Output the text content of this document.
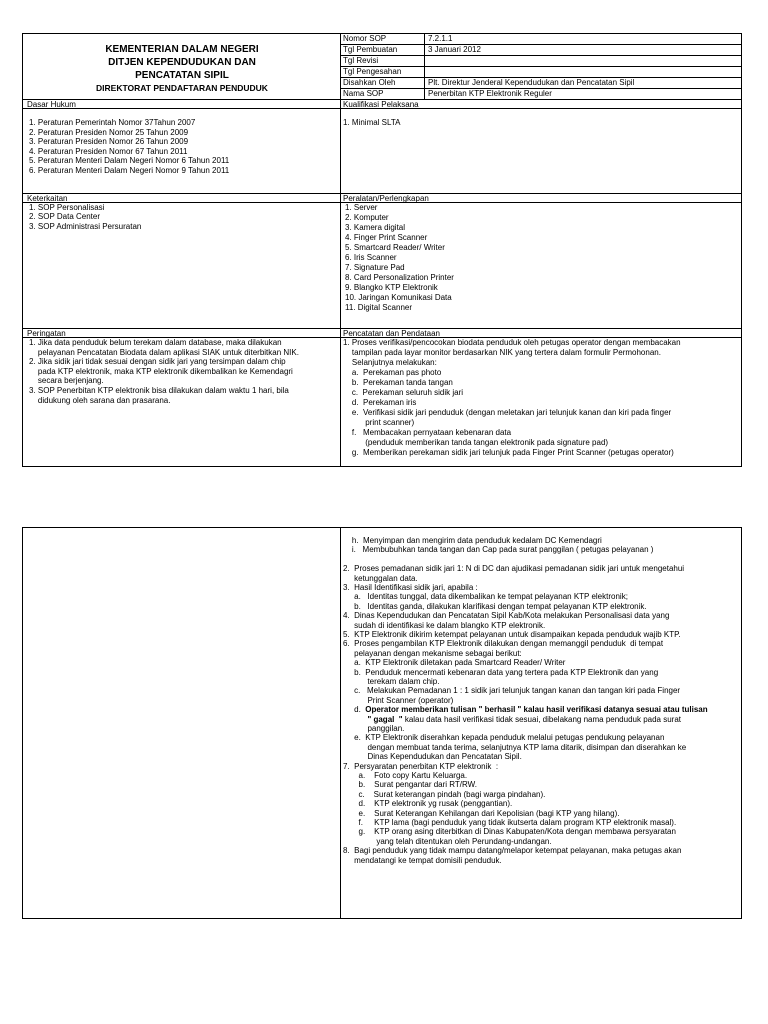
KEMENTERIAN DALAM NEGERI
DITJEN KEPENDUDUKAN DAN
PENCATATAN SIPIL
DIREKTORAT PENDAFTARAN PENDUDUK
Nomor SOP	7.2.1.1
Tgl Pembuatan	3 Januari 2012
Tgl Revisi
Tgl Pengesahan
Disahkan Oleh	Plt. Direktur Jenderal Kependudukan dan Pencatatan Sipil
Nama SOP	Penerbitan KTP Elektronik Reguler
Dasar Hukum
1. Peraturan Pemerintah Nomor 37Tahun 2007
2. Peraturan Presiden Nomor 25 Tahun 2009
3. Peraturan Presiden Nomor 26 Tahun 2009
4. Peraturan Presiden Nomor 67 Tahun 2011
5. Peraturan Menteri Dalam Negeri Nomor 6 Tahun 2011
6. Peraturan Menteri Dalam Negeri Nomor 9 Tahun 2011
Kualifikasi Pelaksana
1. Minimal SLTA
Keterkaitan
1. SOP Personalisasi
2. SOP Data Center
3. SOP Administrasi Persuratan
Peralatan/Perlengkapan
1. Server
2. Komputer
3. Kamera digital
4. Finger Print Scanner
5. Smartcard Reader/ Writer
6. Iris Scanner
7. Signature Pad
8. Card Personalization Printer
9. Blangko KTP Elektronik
10. Jaringan Komunikasi Data
11. Digital Scanner
Peringatan
1. Jika data penduduk belum terekam dalam database, maka dilakukan
pelayanan Pencatatan Biodata dalam aplikasi SIAK untuk diterbitkan NIK.
2. Jika sidik jari tidak sesuai dengan sidik jari yang tersimpan dalam chip
pada KTP elektronik, maka KTP elektronik dikembalikan ke Kemendagri
secara berjenjang.
3. SOP Penerbitan KTP elektronik bisa dilakukan dalam waktu 1 hari, bila
didukung oleh sarana dan prasarana.
Pencatatan dan Pendataan
1. Proses verifikasi/pencocokan biodata penduduk oleh petugas operator dengan membacakan
tampilan pada layar monitor berdasarkan NIK yang tertera dalam formulir Permohonan.
Selanjutnya melakukan:
a.  Perekaman pas photo
b.  Perekaman tanda tangan
c.  Perekaman seluruh sidik jari
d.  Perekaman iris
e.  Verifikasi sidik jari penduduk (dengan meletakan jari telunjuk kanan dan kiri pada finger
print scanner)
f.   Membacakan pernyataan kebenaran data
(penduduk memberikan tanda tangan elektronik pada signature pad)
g.  Memberikan perekaman sidik jari telunjuk pada Finger Print Scanner (petugas operator)
h.  Menyimpan dan mengirim data penduduk kedalam DC Kemendagri
i.   Membubuhkan tanda tangan dan Cap pada surat panggilan ( petugas pelayanan )
2.  Proses pemadanan sidik jari 1: N di DC dan ajudikasi pemadanan sidik jari untuk mengetahui
ketunggalan data.
3.  Hasil Identifikasi sidik jari, apabila :
a.   Identitas tunggal, data dikembalikan ke tempat pelayanan KTP elektronik;
b.   Identitas ganda, dilakukan klarifikasi dengan tempat pelayanan KTP elektronik.
4.  Dinas Kependudukan dan Pencatatan Sipil Kab/Kota melakukan Personalisasi data yang
sudah di identifikasi ke dalam blangko KTP elektronik.
5.  KTP Elektronik dikirim ketempat pelayanan untuk disampaikan kepada penduduk wajib KTP.
6.  Proses pengambilan KTP Elektronik dilakukan dengan memanggil penduduk  di tempat
pelayanan dengan mekanisme sebagai berikut:
a.  KTP Elektronik diletakan pada Smartcard Reader/ Writer
b.  Penduduk mencermati kebenaran data yang tertera pada KTP Elektronik dan yang
terekam dalam chip.
c.   Melakukan Pemadanan 1 : 1 sidik jari telunjuk tangan kanan dan tangan kiri pada Finger
Print Scanner (operator)
d.  Operator memberikan tulisan " berhasil " kalau hasil verifikasi datanya sesuai atau tulisan
" gagal  " kalau data hasil verifikasi tidak sesuai, dibelakang nama penduduk pada surat
panggilan.
e.  KTP Elektronik diserahkan kepada penduduk melalui petugas pendukung pelayanan
dengan membuat tanda terima, selanjutnya KTP lama ditarik, disimpan dan diserahkan ke
Dinas Kependudukan dan Pencatatan Sipil.
7.  Persyaratan penerbitan KTP elektronik  :
a.    Foto copy Kartu Keluarga.
b.    Surat pengantar dari RT/RW.
c.    Surat keterangan pindah (bagi warga pindahan).
d.    KTP elektronik yg rusak (penggantian).
e.    Surat Keterangan Kehilangan dari Kepolisian (bagi KTP yang hilang).
f.     KTP lama (bagi penduduk yang tidak ikutserta dalam program KTP elektronik masal).
g.    KTP orang asing diterbitkan di Dinas Kabupaten/Kota dengan membawa persyaratan
yang telah ditentukan oleh Perundang-undangan.
8.  Bagi penduduk yang tidak mampu datang/melapor ketempat pelayanan, maka petugas akan
mendatangi ke tempat domisili penduduk.
